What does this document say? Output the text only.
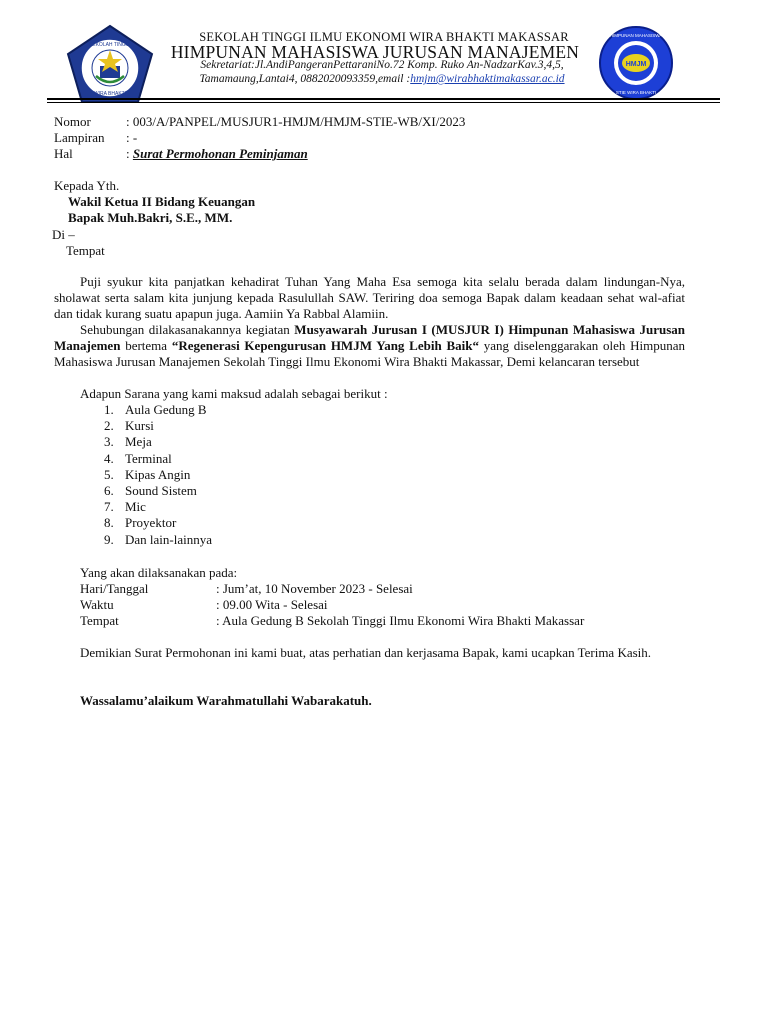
SEKOLAH TINGGI
WIRA BHAKTI
HMJM
HIMPUNAN MAHASISWA
STIE WIRA BHAKTI
SEKOLAH TINGGI ILMU EKONOMI WIRA BHAKTI MAKASSAR
HIMPUNAN MAHASISWA JURUSAN MANAJEMEN
Sekretariat:Jl.AndiPangeranPettaraniNo.72 Komp. Ruko An-NadzarKav.3,4,5,
Tamamaung,Lantai4, 0882020093359,email :hmjm@wirabhaktimakassar.ac.id
Nomor	: 003/A/PANPEL/MUSJUR1-HMJM/HMJM-STIE-WB/XI/2023
Lampiran : -
Hal	: Surat Permohonan Peminjaman
Kepada Yth.
Wakil Ketua II Bidang Keuangan
Bapak Muh.Bakri, S.E., MM.
Di –
Tempat
Puji syukur kita panjatkan kehadirat Tuhan Yang Maha Esa semoga kita selalu berada dalam lindungan-Nya, sholawat serta salam kita junjung kepada Rasulullah SAW. Teriring doa semoga Bapak dalam keadaan sehat wal-afiat dan tidak kurang suatu apapun juga. Aamiin Ya Rabbal Alamiin.
Sehubungan dilakasanakannya kegiatan Musyawarah Jurusan I (MUSJUR I) Himpunan Mahasiswa Jurusan Manajemen bertema “Regenerasi Kepengurusan HMJM Yang Lebih Baik“ yang diselenggarakan oleh Himpunan Mahasiswa Jurusan Manajemen Sekolah Tinggi Ilmu Ekonomi Wira Bhakti Makassar, Demi kelancaran tersebut
Adapun Sarana yang kami maksud adalah sebagai berikut :
1. Aula Gedung B
2. Kursi
3. Meja
4. Terminal
5. Kipas Angin
6. Sound Sistem
7. Mic
8. Proyektor
9. Dan lain-lainnya
Yang akan dilaksanakan pada:
Hari/Tanggal	: Jum’at, 10 November 2023 - Selesai
Waktu	: 09.00 Wita - Selesai
Tempat	: Aula Gedung B Sekolah Tinggi Ilmu Ekonomi Wira Bhakti Makassar
Demikian Surat Permohonan ini kami buat, atas perhatian dan kerjasama Bapak, kami ucapkan Terima Kasih.
Wassalamu’alaikum Warahmatullahi Wabarakatuh.
